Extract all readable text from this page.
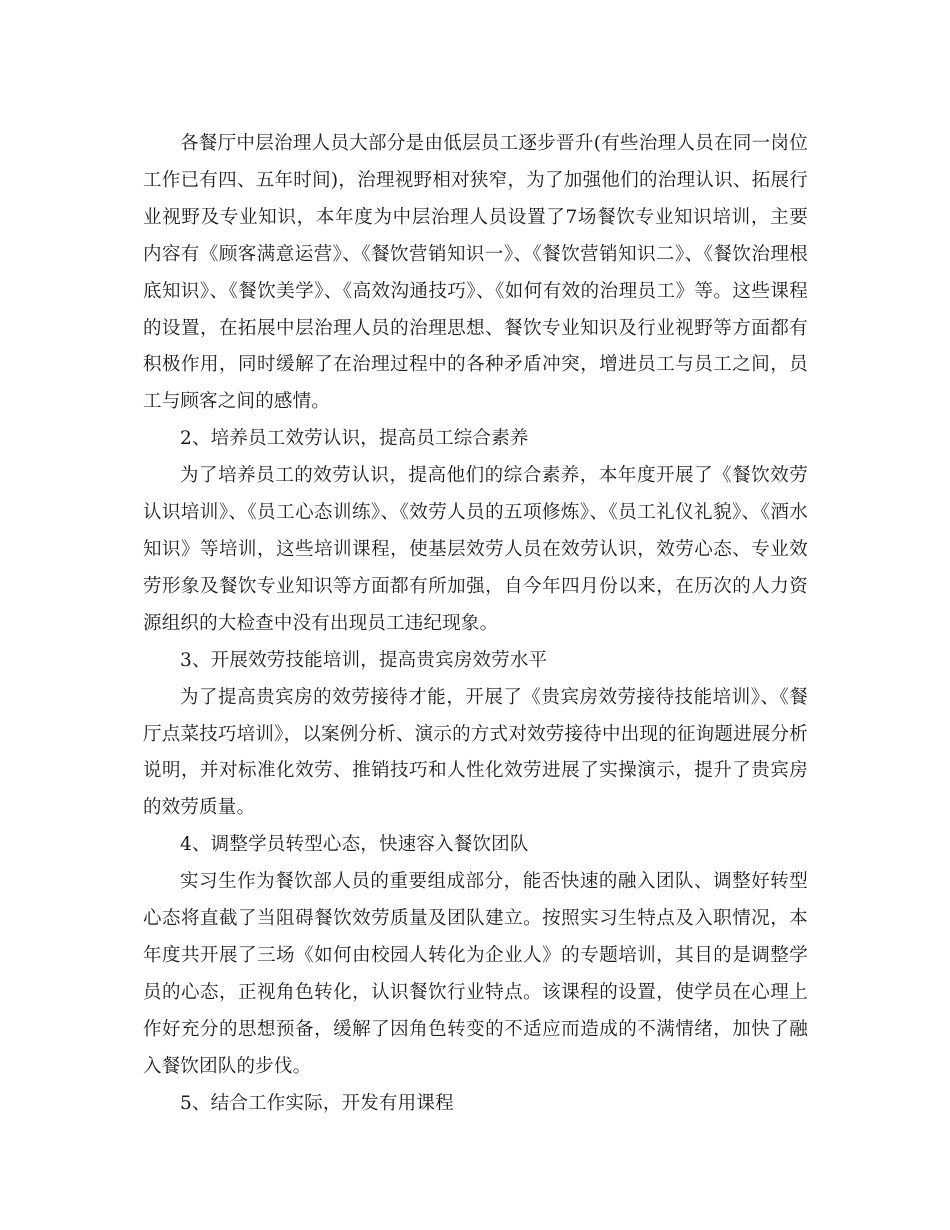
各餐厅中层治理人员大部分是由低层员工逐步晋升(有些治理人员在同一岗位工作已有四、五年时间)，治理视野相对狭窄，为了加强他们的治理认识、拓展行业视野及专业知识，本年度为中层治理人员设置了7场餐饮专业知识培训，主要内容有《顾客满意运营》、《餐饮营销知识一》、《餐饮营销知识二》、《餐饮治理根底知识》、《餐饮美学》、《高效沟通技巧》、《如何有效的治理员工》等。这些课程的设置，在拓展中层治理人员的治理思想、餐饮专业知识及行业视野等方面都有积极作用，同时缓解了在治理过程中的各种矛盾冲突，增进员工与员工之间，员工与顾客之间的感情。

2、培养员工效劳认识，提高员工综合素养

为了培养员工的效劳认识，提高他们的综合素养，本年度开展了《餐饮效劳认识培训》、《员工心态训练》、《效劳人员的五项修炼》、《员工礼仪礼貌》、《酒水知识》等培训，这些培训课程，使基层效劳人员在效劳认识，效劳心态、专业效劳形象及餐饮专业知识等方面都有所加强，自今年四月份以来，在历次的人力资源组织的大检查中没有出现员工违纪现象。

3、开展效劳技能培训，提高贵宾房效劳水平

为了提高贵宾房的效劳接待才能，开展了《贵宾房效劳接待技能培训》、《餐厅点菜技巧培训》，以案例分析、演示的方式对效劳接待中出现的征询题进展分析说明，并对标准化效劳、推销技巧和人性化效劳进展了实操演示，提升了贵宾房的效劳质量。

4、调整学员转型心态，快速容入餐饮团队

实习生作为餐饮部人员的重要组成部分，能否快速的融入团队、调整好转型心态将直截了当阻碍餐饮效劳质量及团队建立。按照实习生特点及入职情况，本年度共开展了三场《如何由校园人转化为企业人》的专题培训，其目的是调整学员的心态，正视角色转化，认识餐饮行业特点。该课程的设置，使学员在心理上作好充分的思想预备，缓解了因角色转变的不适应而造成的不满情绪，加快了融入餐饮团队的步伐。

5、结合工作实际，开发有用课程
